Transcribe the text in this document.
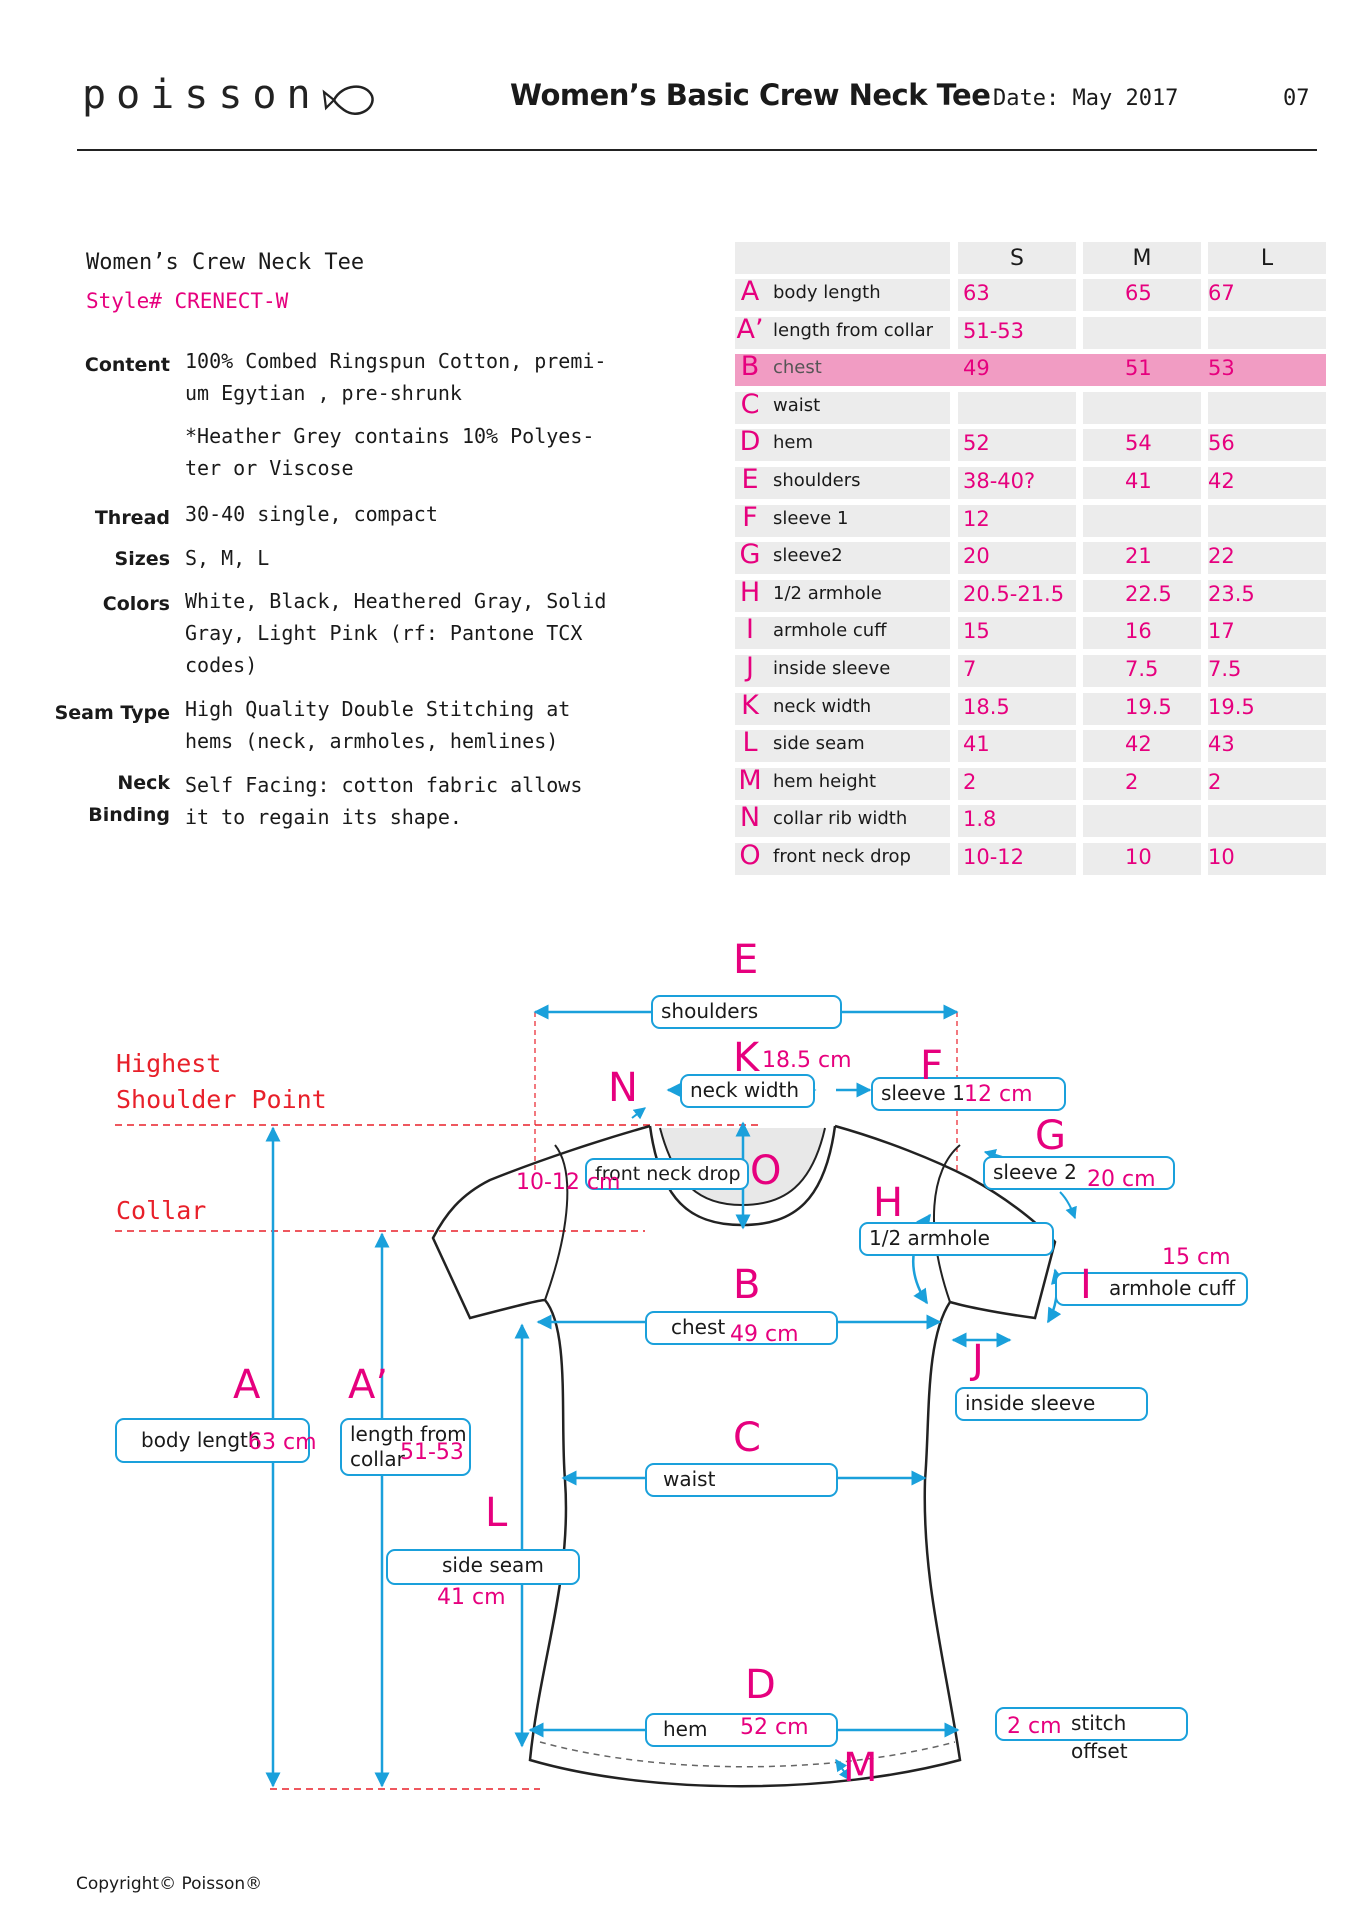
poisson	Women’s Basic Crew Neck Tee Date: May 2017	07
Women’s Crew Neck Tee
Style# CRENECT-W
Content 100% Combed Ringspun Cotton, premi-
um Egytian , pre-shrunk
*Heather Grey contains 10% Polyes-
ter or Viscose
Thread 30-40 single, compact
Sizes S, M, L
Colors White, Black, Heathered Gray, Solid
Gray, Light Pink (rf: Pantone TCX
codes)
Seam Type High Quality Double Stitching at
hems (neck, armholes, hemlines)
Neck
Binding
Self Facing: cotton fabric allows
it to regain its shape.
S	M	L
A body length	63	65	67
A’ length from collar 51-53
B chest	49	51	53
C waist
D hem	52	54	56
E shoulders	38-40?	41	42
F sleeve 1	12
G sleeve2	20	21	22
H 1/2 armhole	20.5-21.5	22.5 23.5
I	armhole cuff	15	16	17
J	inside sleeve	7	7.5 7.5
K neck width	18.5	19.5 19.5
L side seam	41	42	43
M hem height	2	2	2
N collar rib width	1.8
O front neck drop 10-12	10	10
Highest
Shoulder Point
Collar
shoulders
neck width	sleeve 1
sleeve 2
front neck drop
1/2 armhole
armhole cuff
chest
inside sleeve
body length	length from
collar
waist
side seam
hem	stitch offset
18.5 cm
12 cm
20 cm
10-12 cm
15 cm
49 cm
63 cm	51-53
41 cm
52 cm	2 cm
E
K
N	F
G
O
H
I
B
J
A A’
C
L
D
M
Copyright© Poisson®
